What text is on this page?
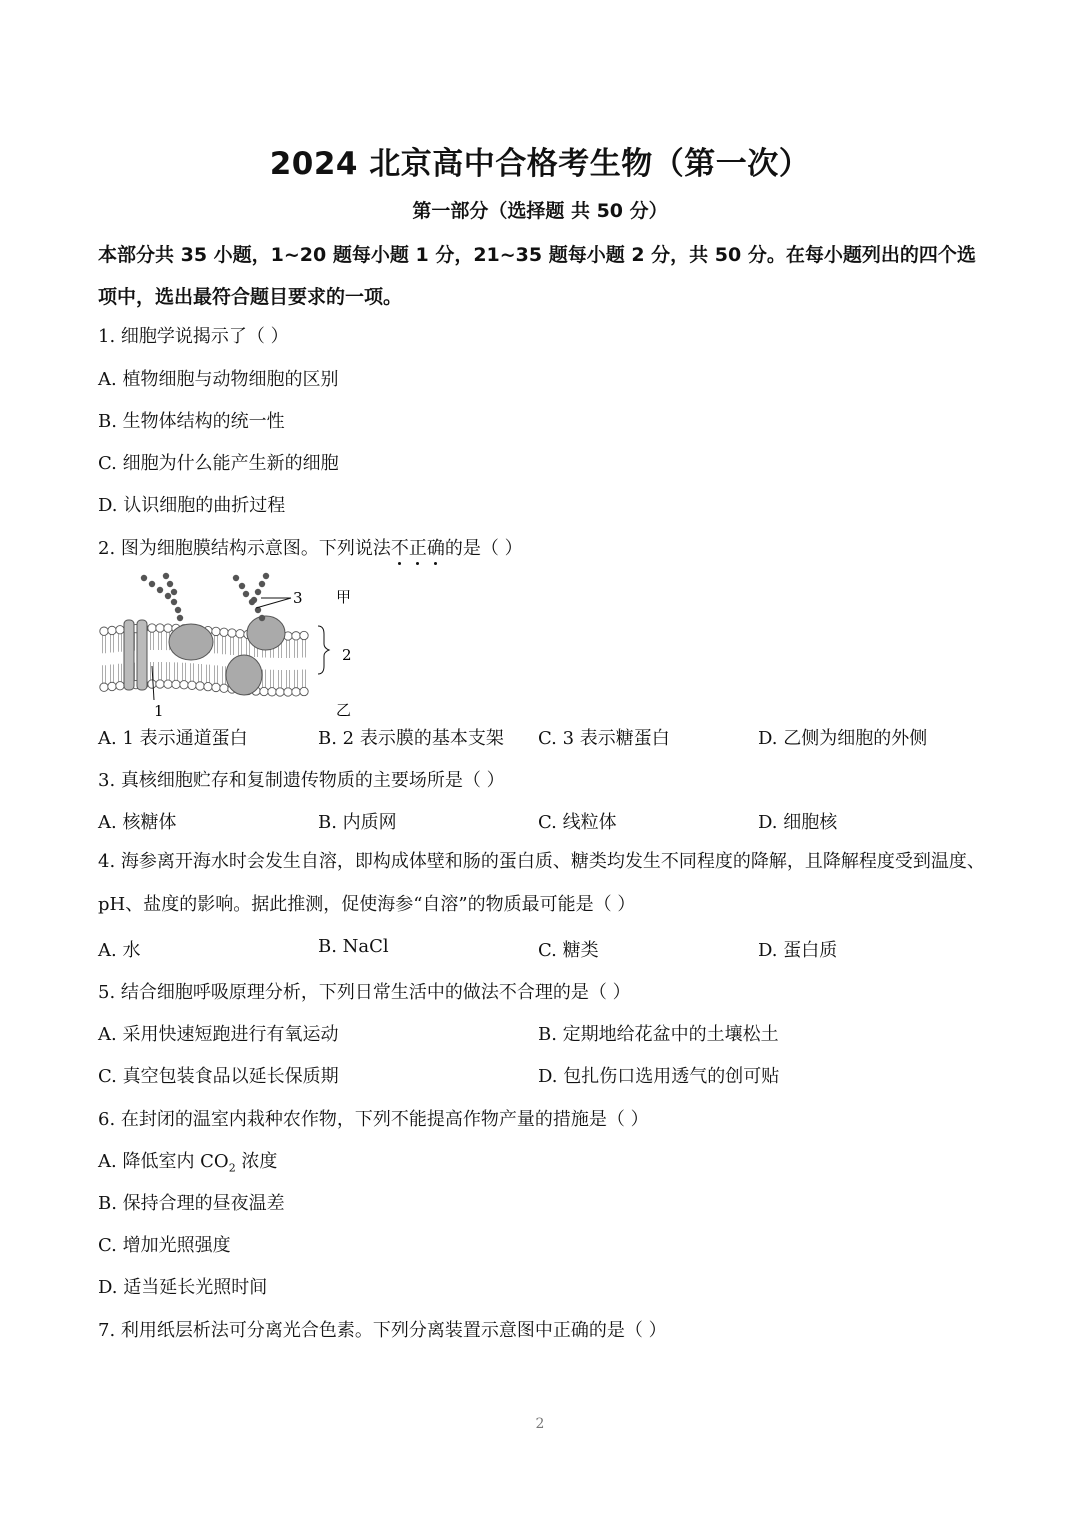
2024 北京高中合格考生物（第一次）
第一部分（选择题 共 50 分）
本部分共 35 小题，1~20 题每小题 1 分，21~35 题每小题 2 分，共 50 分。在每小题列出的四个选项中，选出最符合题目要求的一项。
1. 细胞学说揭示了（ ）
A. 植物细胞与动物细胞的区别
B. 生物体结构的统一性
C. 细胞为什么能产生新的细胞
D. 认识细胞的曲折过程
2. 图为细胞膜结构示意图。下列说法不正确的是（ ）
1
2
3 甲
乙
A. 1 表示通道蛋白	B. 2 表示膜的基本支架 C. 3 表示糖蛋白	D. 乙侧为细胞的外侧
3. 真核细胞贮存和复制遗传物质的主要场所是（ ）
A. 核糖体	B. 内质网	C. 线粒体	D. 细胞核
4. 海参离开海水时会发生自溶，即构成体壁和肠的蛋白质、糖类均发生不同程度的降解，且降解程度受到温度、pH、盐度的影响。据此推测，促使海参“自溶”的物质最可能是（ ）
A. 水	B. NaCl	C. 糖类	D. 蛋白质
5. 结合细胞呼吸原理分析，下列日常生活中的做法不合理的是（ ）
A. 采用快速短跑进行有氧运动	B. 定期地给花盆中的土壤松土
C. 真空包装食品以延长保质期	D. 包扎伤口选用透气的创可贴
6. 在封闭的温室内栽种农作物，下列不能提高作物产量的措施是（ ）
A. 降低室内 $CO_2$ 浓度
B. 保持合理的昼夜温差
C. 增加光照强度
D. 适当延长光照时间
7. 利用纸层析法可分离光合色素。下列分离装置示意图中正确的是（ ）
2
